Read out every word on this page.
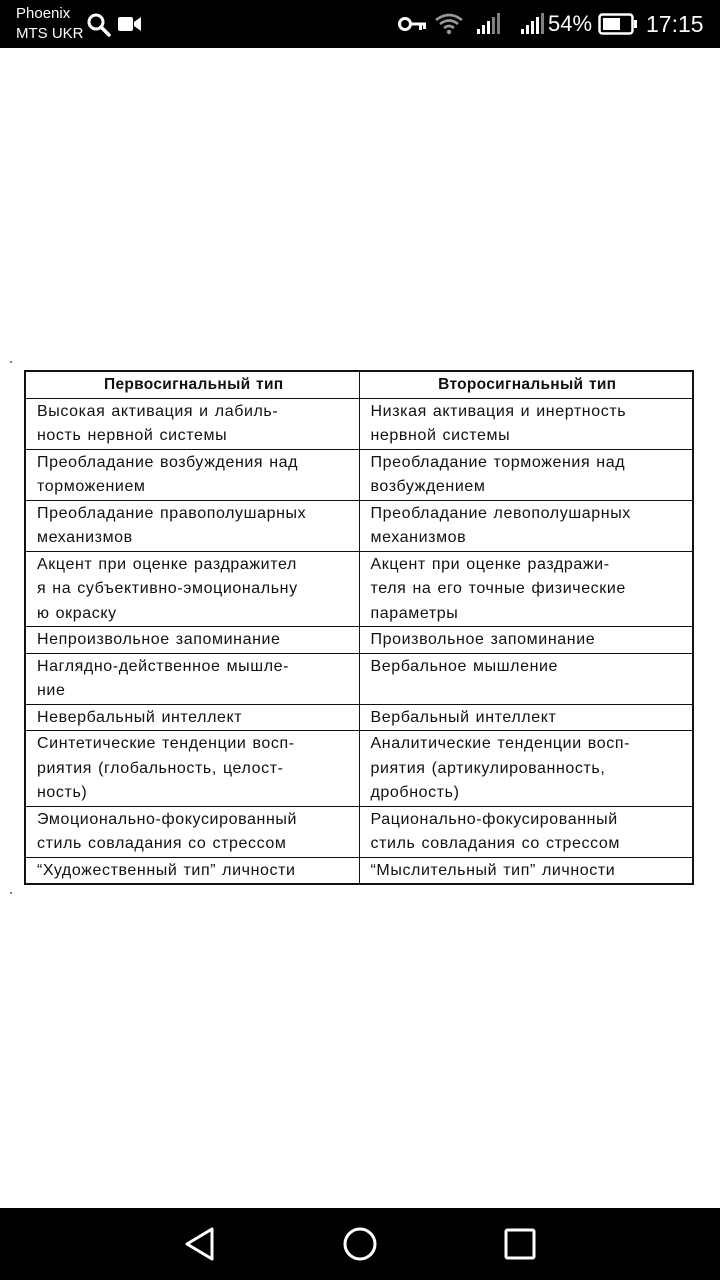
Phoenix
MTS UKR	54% 17:15
Первосигнальный тип	Второсигнальный тип

Высокая активация и лабиль-
ность нервной системы	Низкая активация и инертность
нервной системы

Преобладание возбуждения над
торможением	Преобладание торможения над
возбуждением

Преобладание правополушарных
механизмов	Преобладание левополушарных
механизмов

Акцент при оценке раздражител
я на субъективно-эмоциональну
ю окраску	Акцент при оценке раздражи-
теля на его точные физические
параметры

Непроизвольное запоминание	Произвольное запоминание

Наглядно-действенное мышле-
ние	Вербальное мышление

Невербальный интеллект	Вербальный интеллект

Синтетические тенденции восп-
риятия (глобальность, целост-
ность)	Аналитические тенденции восп-
риятия (артикулированность,
дробность)

Эмоционально-фокусированный
стиль совладания со стрессом	Рационально-фокусированный
стиль совладания со стрессом

“Художественный тип” личности	“Мыслительный тип” личности
